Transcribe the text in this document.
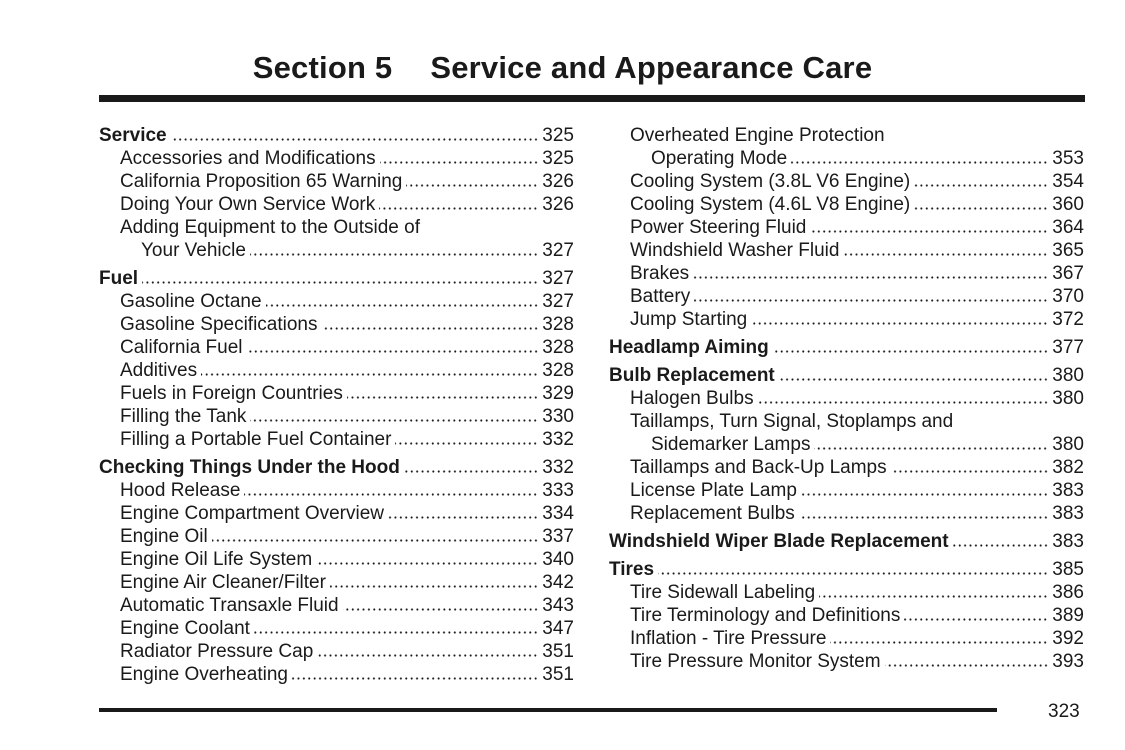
Section 5 Service and Appearance Care
Service	325
Accessories and Modifications	325
California Proposition 65 Warning	326
Doing Your Own Service Work	326
Adding Equipment to the Outside of
Your Vehicle	327
Fuel	327
Gasoline Octane	327
Gasoline Specifications	328
California Fuel	328
Additives	328
Fuels in Foreign Countries	329
Filling the Tank	330
Filling a Portable Fuel Container	332
Checking Things Under the Hood	332
Hood Release	333
Engine Compartment Overview	334
Engine Oil	337
Engine Oil Life System	340
Engine Air Cleaner/Filter	342
Automatic Transaxle Fluid	343
Engine Coolant	347
Radiator Pressure Cap	351
Engine Overheating	351
Overheated Engine Protection
Operating Mode	353
Cooling System (3.8L V6 Engine)	354
Cooling System (4.6L V8 Engine)	360
Power Steering Fluid	364
Windshield Washer Fluid	365
Brakes	367
Battery	370
Jump Starting	372
Headlamp Aiming	377
Bulb Replacement	380
Halogen Bulbs	380
Taillamps, Turn Signal, Stoplamps and
Sidemarker Lamps	380
Taillamps and Back-Up Lamps	382
License Plate Lamp	383
Replacement Bulbs	383
Windshield Wiper Blade Replacement	383
Tires	385
Tire Sidewall Labeling	386
Tire Terminology and Definitions	389
Inflation - Tire Pressure	392
Tire Pressure Monitor System	393
323
